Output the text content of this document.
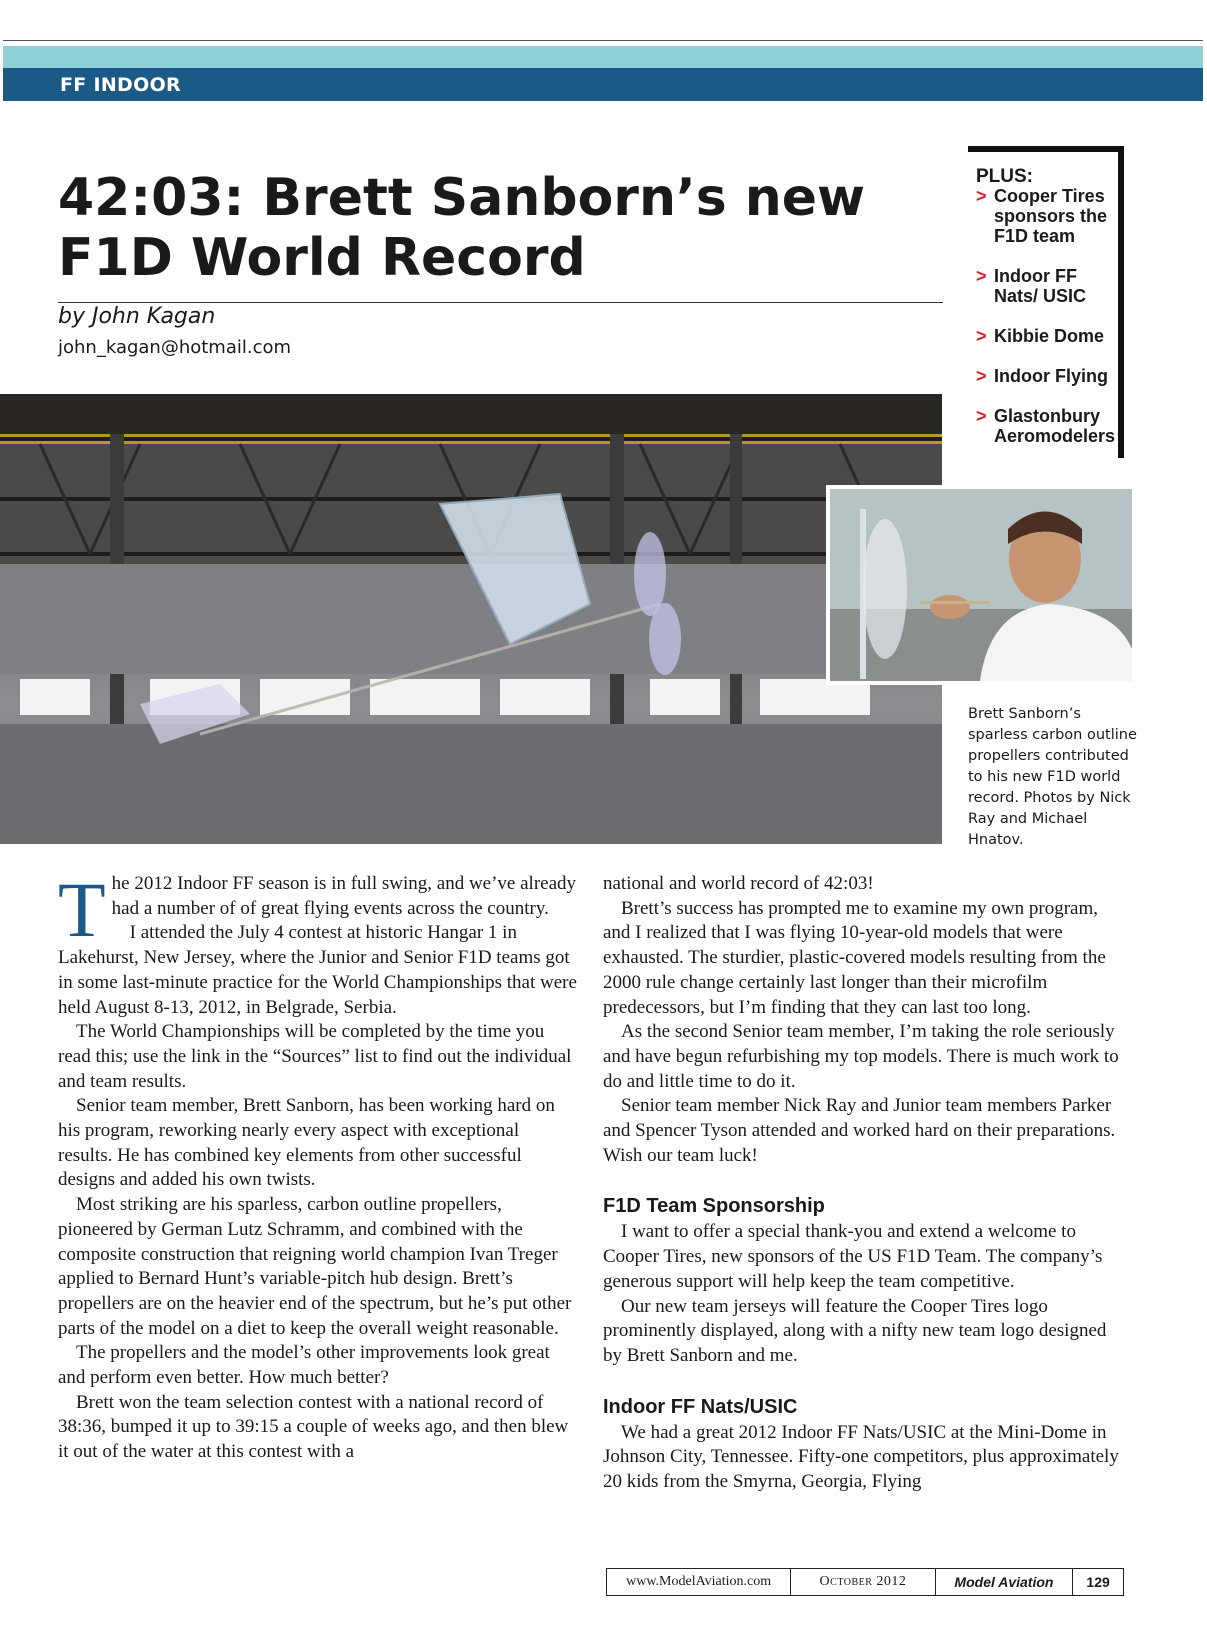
FF INDOOR
42:03: Brett Sanborn’s new F1D World Record
by John Kagan
john_kagan@hotmail.com
PLUS:
> Cooper Tires sponsors the F1D team
> Indoor FF Nats/ USIC
> Kibbie Dome
> Indoor Flying
> Glastonbury Aeromodelers
Brett Sanborn’s sparless carbon outline propellers contributed to his new F1D world record. Photos by Nick Ray and Michael Hnatov.

The 2012 Indoor FF season is in full swing, and we’ve already had a number of of great flying events across the country.

I attended the July 4 contest at historic Hangar 1 in Lakehurst, New Jersey, where the Junior and Senior F1D teams got in some last-minute practice for the World Championships that were held August 8-13, 2012, in Belgrade, Serbia.

The World Championships will be completed by the time you read this; use the link in the “Sources” list to find out the individual and team results.

Senior team member, Brett Sanborn, has been working hard on his program, reworking nearly every aspect with exceptional results. He has combined key elements from other successful designs and added his own twists.

Most striking are his sparless, carbon outline propellers, pioneered by German Lutz Schramm, and combined with the composite construction that reigning world champion Ivan Treger applied to Bernard Hunt’s variable-pitch hub design. Brett’s propellers are on the heavier end of the spectrum, but he’s put other parts of the model on a diet to keep the overall weight reasonable.

The propellers and the model’s other improvements look great and perform even better. How much better?

Brett won the team selection contest with a national record of 38:36, bumped it up to 39:15 a couple of weeks ago, and then blew it out of the water at this contest with a

national and world record of 42:03!

Brett’s success has prompted me to examine my own program, and I realized that I was flying 10-year-old models that were exhausted. The sturdier, plastic-covered models resulting from the 2000 rule change certainly last longer than their microfilm predecessors, but I’m finding that they can last too long.

As the second Senior team member, I’m taking the role seriously and have begun refurbishing my top models. There is much work to do and little time to do it.

Senior team member Nick Ray and Junior team members Parker and Spencer Tyson attended and worked hard on their preparations. Wish our team luck!

F1D Team Sponsorship

I want to offer a special thank-you and extend a welcome to Cooper Tires, new sponsors of the US F1D Team. The company’s generous support will help keep the team competitive.

Our new team jerseys will feature the Cooper Tires logo prominently displayed, along with a nifty new team logo designed by Brett Sanborn and me.

Indoor FF Nats/USIC

We had a great 2012 Indoor FF Nats/USIC at the Mini-Dome in Johnson City, Tennessee. Fifty-one competitors, plus approximately 20 kids from the Smyrna, Georgia, Flying

www.ModelAviation.com	October 2012	Model Aviation	129
